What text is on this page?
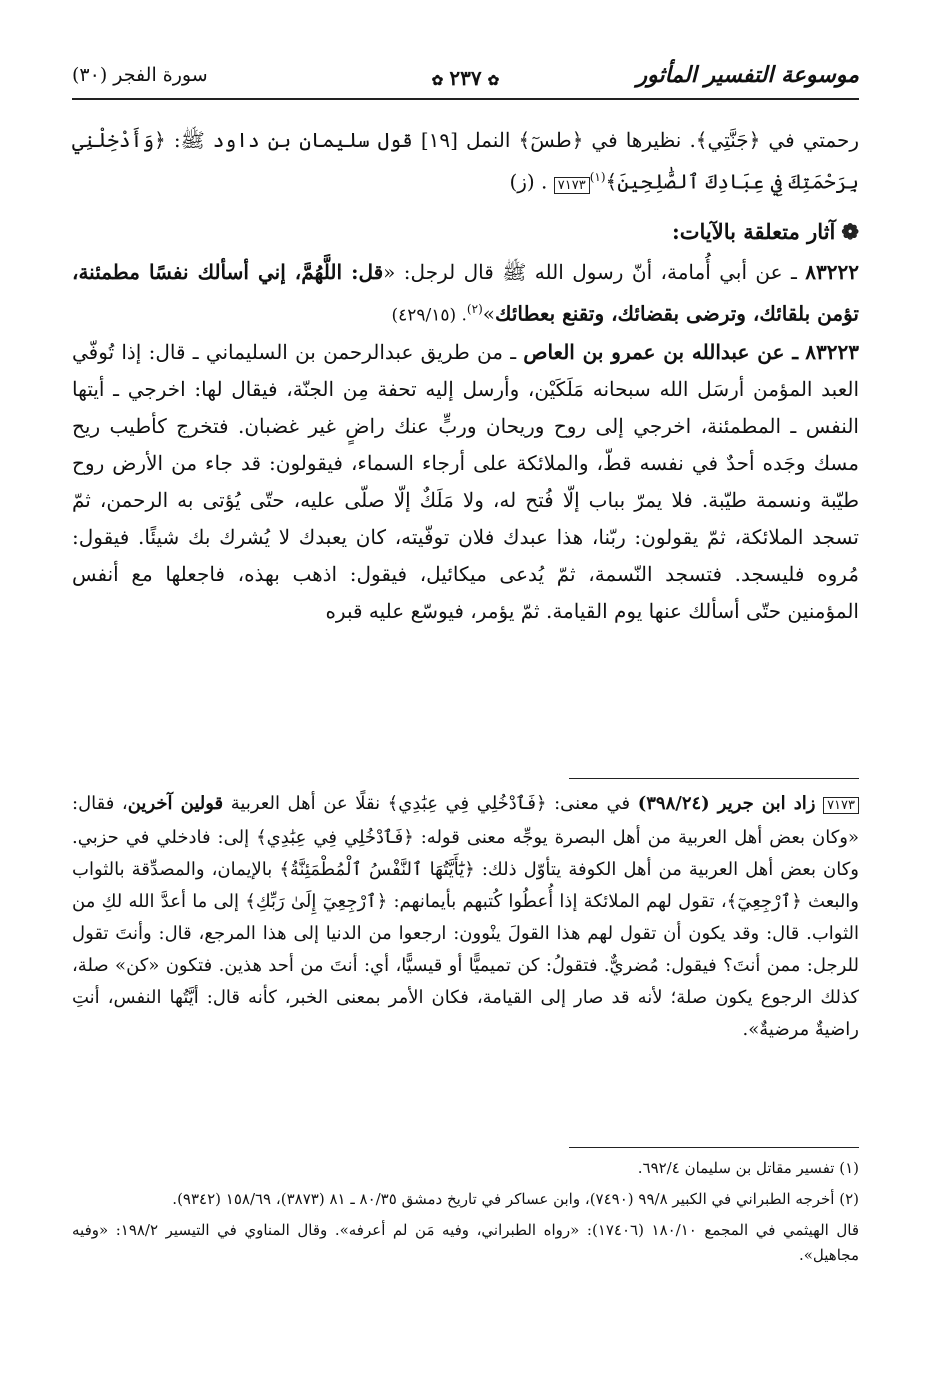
موسوعة التفسير المأثور
✿٢٣٧✿
سورة الفجر (٣٠)

رحمتي في ﴿جَنَّتِي﴾. نظيرها في ﴿طسٓ﴾ النمل [١٩] قول سليمان بن داود ﷺ: ﴿وَأَدْخِلْنِي بِرَحْمَتِكَ فِي عِبَادِكَ ٱلصَّٰلِحِينَ﴾$^{(١)}$٧١٧٣ . (ز)

❁آثار متعلقة بالآيات:

٨٣٢٢٢ ـ عن أبي أُمامة، أنّ رسول الله ﷺ قال لرجل: «قل: اللَّهُمَّ، إني أسألك نفسًا مطمئنة، تؤمن بلقائك، وترضى بقضائك، وتقنع بعطائك»$^{(٢)}$. (٤٢٩/١٥)

٨٣٢٢٣ ـ عن عبدالله بن عمرو بن العاص ـ من طريق عبدالرحمن بن السليماني ـ قال: إذا تُوفّي العبد المؤمن أرسَل الله سبحانه مَلَكَيْن، وأرسل إليه تحفة مِن الجنّة، فيقال لها: اخرجي ـ أيتها النفس ـ المطمئنة، اخرجي إلى روح وريحان وربٍّ عنك راضٍ غير غضبان. فتخرج كأطيب ريح مسك وجَده أحدٌ في نفسه قطّ، والملائكة على أرجاء السماء، فيقولون: قد جاء من الأرض روح طيّبة ونسمة طيّبة. فلا يمرّ بباب إلّا فُتح له، ولا مَلَكٌ إلّا صلّى عليه، حتّى يُؤتى به الرحمن، ثمّ تسجد الملائكة، ثمّ يقولون: ربّنا، هذا عبدك فلان توفّيته، كان يعبدك لا يُشرك بك شيئًا. فيقول: مُروه فليسجد. فتسجد النّسمة، ثمّ يُدعى ميكائيل، فيقول: اذهب بهذه، فاجعلها مع أنفس المؤمنين حتّى أسألك عنها يوم القيامة. ثمّ يؤمر، فيوسّع عليه قبره

٧١٧٣ زاد ابن جرير (٣٩٨/٢٤) في معنى: ﴿فَٱدْخُلِي فِي عِبَٰدِي﴾ نقلًا عن أهل العربية قولين آخرين، فقال: «وكان بعض أهل العربية من أهل البصرة يوجِّه معنى قوله: ﴿فَٱدْخُلِي فِي عِبَٰدِي﴾ إلى: فادخلي في حزبي. وكان بعض أهل العربية من أهل الكوفة يتأوّل ذلك: ﴿يَٰٓأَيَّتُهَا ٱلنَّفْسُ ٱلْمُطْمَئِنَّةُ﴾ بالإيمان، والمصدِّقة بالثواب والبعث ﴿ٱرْجِعِيٓ﴾، تقول لهم الملائكة إذا أُعطُوا كُتبهم بأيمانهم: ﴿ٱرْجِعِيٓ إِلَىٰ رَبِّكِ﴾ إلى ما أعدَّ الله لكِ من الثواب. قال: وقد يكون أن تقول لهم هذا القولَ ينْوون: ارجعوا من الدنيا إلى هذا المرجع، قال: وأنتَ تقول للرجل: ممن أنتَ؟ فيقول: مُضريٌّ. فتقولُ: كن تميميًّا أو قيسيًّا، أي: أنتَ من أحد هذين. فتكون «كن» صلة، كذلك الرجوع يكون صلة؛ لأنه قد صار إلى القيامة، فكان الأمر بمعنى الخبر، كأنه قال: أيَّتُها النفس، أنتِ راضيةٌ مرضيةٌ».

(١) تفسير مقاتل بن سليمان ٦٩٢/٤.

(٢) أخرجه الطبراني في الكبير ٩٩/٨ (٧٤٩٠)، وابن عساكر في تاريخ دمشق ٨٠/٣٥ ـ ٨١ (٣٨٧٣)، ١٥٨/٦٩ (٩٣٤٢).

قال الهيثمي في المجمع ١٨٠/١٠ (١٧٤٠٦): «رواه الطبراني، وفيه مَن لم أعرفه». وقال المناوي في التيسير ١٩٨/٢: «وفيه مجاهيل».
